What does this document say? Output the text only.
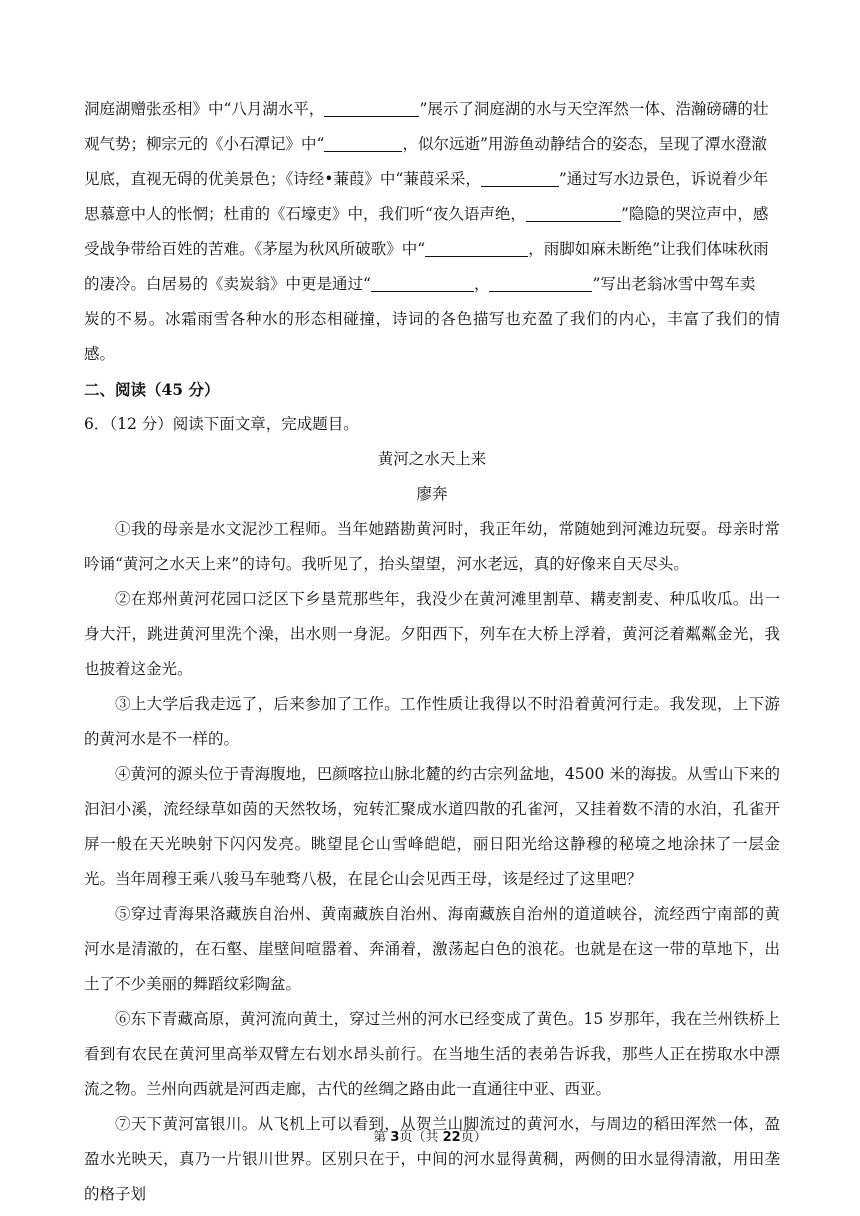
洞庭湖赠张丞相》中“八月湖水平，	”展示了洞庭湖的水与天空浑然一体、浩瀚磅礴的壮

观气势；柳宗元的《小石潭记》中“	，似尔远逝”用游鱼动静结合的姿态，呈现了潭水澄澈

见底，直视无碍的优美景色；《诗经•蒹葭》中“蒹葭采采，	”通过写水边景色，诉说着少年

思慕意中人的怅惘；杜甫的《石壕吏》中，我们听“夜久语声绝，	”隐隐的哭泣声中，感

受战争带给百姓的苦难。《茅屋为秋风所破歌》中“	，雨脚如麻未断绝”让我们体味秋雨

的凄冷。白居易的《卖炭翁》中更是通过“	，	”写出老翁冰雪中驾车卖

炭的不易。冰霜雨雪各种水的形态相碰撞，诗词的各色描写也充盈了我们的内心，丰富了我们的情感。

二、阅读（45 分）

6．（12 分）阅读下面文章，完成题目。

黄河之水天上来

廖奔

①我的母亲是水文泥沙工程师。当年她踏勘黄河时，我正年幼，常随她到河滩边玩耍。母亲时常吟诵“黄河之水天上来”的诗句。我听见了，抬头望望，河水老远，真的好像来自天尽头。

②在郑州黄河花园口泛区下乡垦荒那些年，我没少在黄河滩里割草、耩麦割麦、种瓜收瓜。出一身大汗，跳进黄河里洗个澡，出水则一身泥。夕阳西下，列车在大桥上浮着，黄河泛着粼粼金光，我也披着这金光。

③上大学后我走远了，后来参加了工作。工作性质让我得以不时沿着黄河行走。我发现，上下游的黄河水是不一样的。

④黄河的源头位于青海腹地，巴颜喀拉山脉北麓的约古宗列盆地，4500 米的海拔。从雪山下来的汩汩小溪，流经绿草如茵的天然牧场，宛转汇聚成水道四散的孔雀河，又挂着数不清的水泊，孔雀开屏一般在天光映射下闪闪发亮。眺望昆仑山雪峰皑皑，丽日阳光给这静穆的秘境之地涂抹了一层金光。当年周穆王乘八骏马车驰骛八极，在昆仑山会见西王母，该是经过了这里吧？

⑤穿过青海果洛藏族自治州、黄南藏族自治州、海南藏族自治州的道道峡谷，流经西宁南部的黄河水是清澈的，在石壑、崖壁间喧嚣着、奔涌着，激荡起白色的浪花。也就是在这一带的草地下，出土了不少美丽的舞蹈纹彩陶盆。

⑥东下青藏高原，黄河流向黄土，穿过兰州的河水已经变成了黄色。15 岁那年，我在兰州铁桥上看到有农民在黄河里高举双臂左右划水昂头前行。在当地生活的表弟告诉我，那些人正在捞取水中漂流之物。兰州向西就是河西走廊，古代的丝绸之路由此一直通往中亚、西亚。

⑦天下黄河富银川。从飞机上可以看到，从贺兰山脚流过的黄河水，与周边的稻田浑然一体，盈盈水光映天，真乃一片银川世界。区别只在于，中间的河水显得黄稠，两侧的田水显得清澈，用田垄的格子划

第 3页（共 22页）
